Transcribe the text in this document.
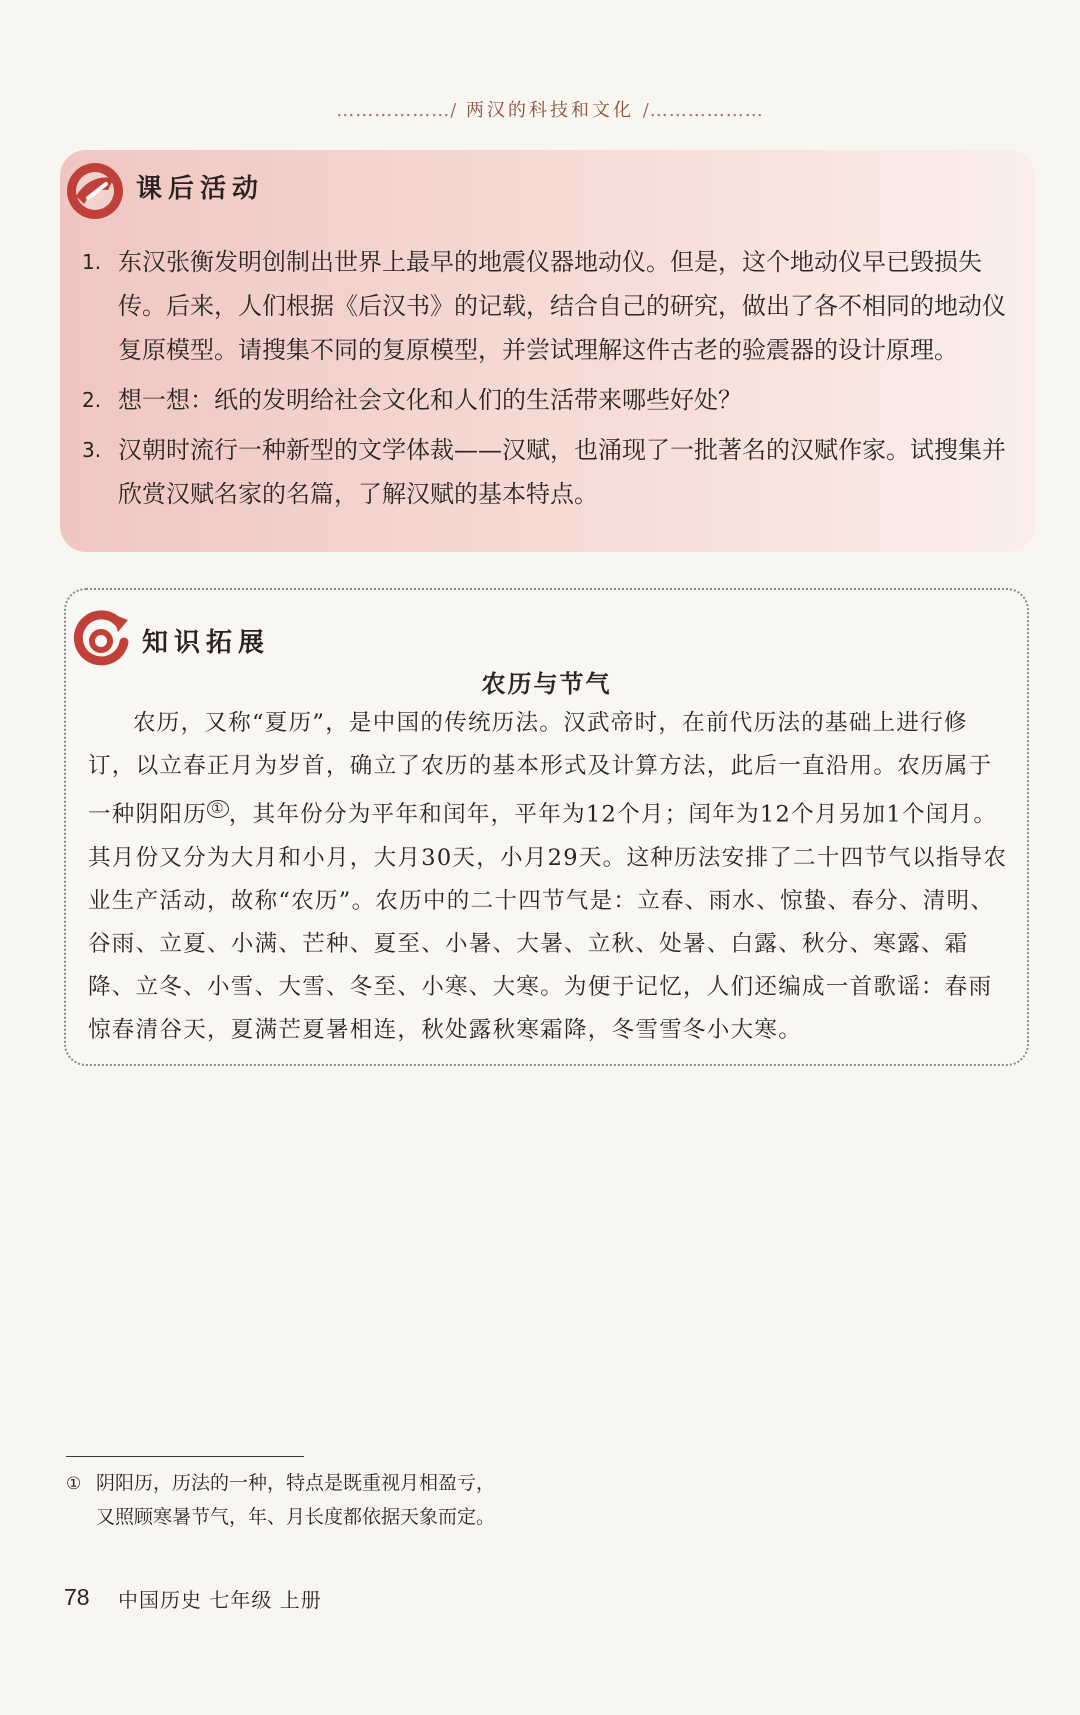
………………/ 两汉的科技和文化 /………………
课后活动
1. 东汉张衡发明创制出世界上最早的地震仪器地动仪。但是，这个地动仪早已毁损失传。后来，人们根据《后汉书》的记载，结合自己的研究，做出了各不相同的地动仪复原模型。请搜集不同的复原模型，并尝试理解这件古老的验震器的设计原理。
2. 想一想：纸的发明给社会文化和人们的生活带来哪些好处？
3. 汉朝时流行一种新型的文学体裁——汉赋，也涌现了一批著名的汉赋作家。试搜集并欣赏汉赋名家的名篇，了解汉赋的基本特点。
知识拓展
农历与节气

农历，又称“夏历”，是中国的传统历法。汉武帝时，在前代历法的基础上进行修订，以立春正月为岁首，确立了农历的基本形式及计算方法，此后一直沿用。农历属于一种阴阳历 ① ，其年份分为平年和闰年，平年为12个月；闰年为12个月另加1个闰月。其月份又分为大月和小月，大月30天，小月29天。这种历法安排了二十四节气以指导农业生产活动，故称“农历”。农历中的二十四节气是：立春、雨水、惊蛰、春分、清明、谷雨、立夏、小满、芒种、夏至、小暑、大暑、立秋、处暑、白露、秋分、寒露、霜降、立冬、小雪、大雪、冬至、小寒、大寒。为便于记忆，人们还编成一首歌谣：春雨惊春清谷天，夏满芒夏暑相连，秋处露秋寒霜降，冬雪雪冬小大寒。

① 阴阳历，历法的一种，特点是既重视月相盈亏，
又照顾寒暑节气，年、月长度都依据天象而定。
78 中国历史 七年级 上册
